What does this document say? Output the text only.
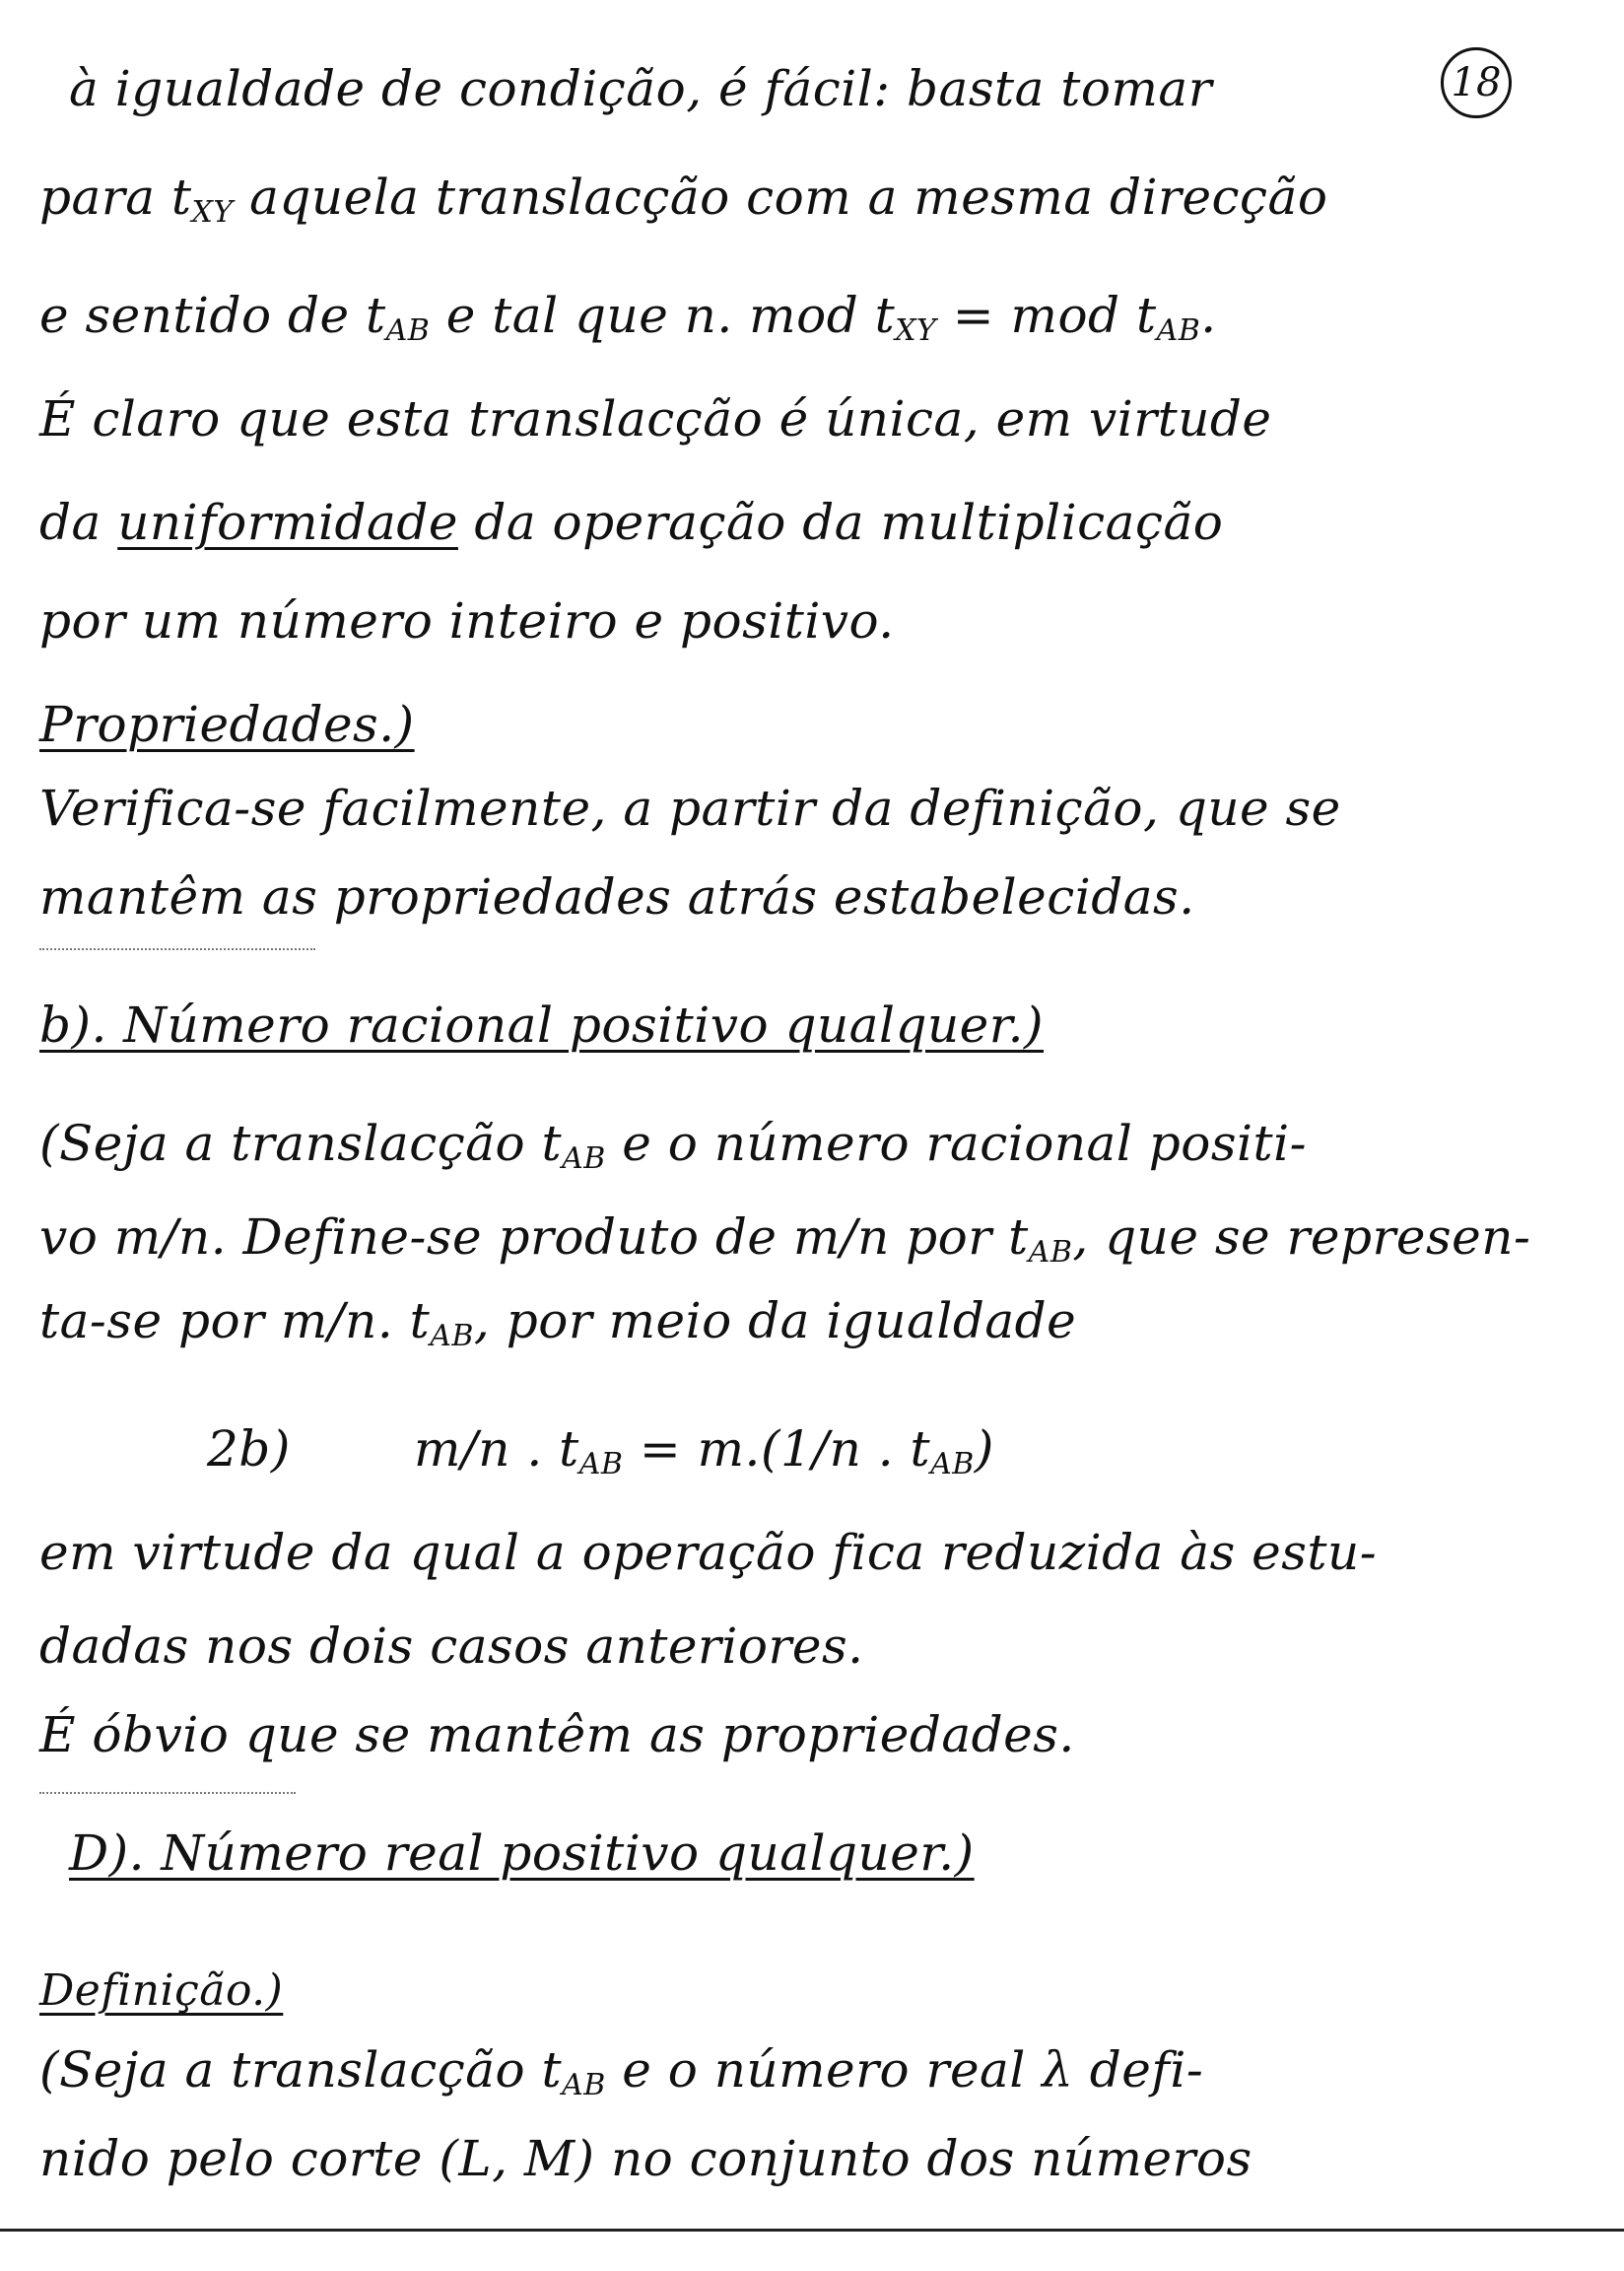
18
à igualdade de condição, é fácil: basta tomar
para $t_{XY}$ aquela translacção com a mesma direcção
e sentido de $t_{AB}$ e tal que n. mod $t_{XY}$ = mod $t_{AB}$.
É claro que esta translacção é única, em virtude
da uniformidade da operação da multiplicação
por um número inteiro e positivo.
Propriedades.)
Verifica-se facilmente, a partir da definição, que se
mantêm as propriedades atrás estabelecidas.
b). Número racional positivo qualquer.)
(Seja a translacção $t_{AB}$ e o número racional positi-
vo m/n. Define-se produto de m/n por $t_{AB}$, que se represen-
ta-se por m/n. $t_{AB}$, por meio da igualdade
2b)	m/n . $t_{AB} = m.(1/n$ . $t_{AB}$)
em virtude da qual a operação fica reduzida às estu-
dadas nos dois casos anteriores.
É óbvio que se mantêm as propriedades.
D). Número real positivo qualquer.)
Definição.)
(Seja a translacção $t_{AB}$ e o número real λ defi-
nido pelo corte (L, M) no conjunto dos números
